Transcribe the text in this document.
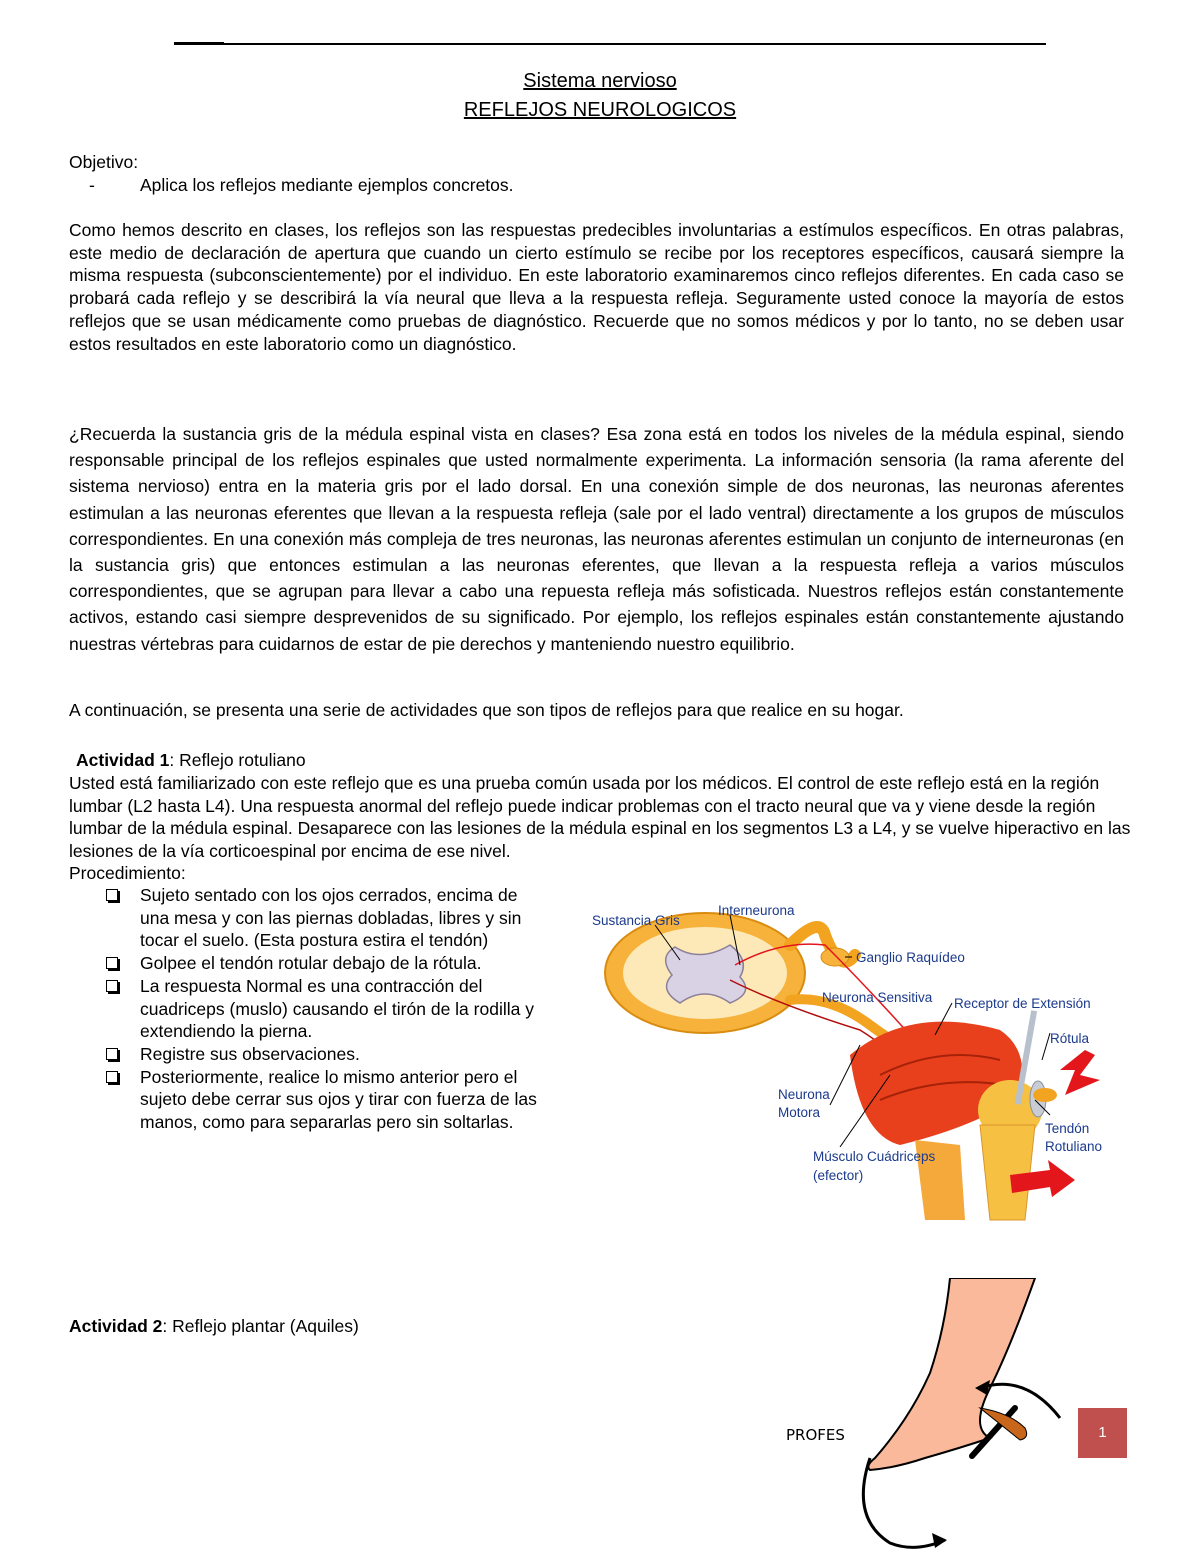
Sistema nervioso
REFLEJOS NEUROLOGICOS
Objetivo:
-	Aplica los reflejos mediante ejemplos concretos.
Como hemos descrito en clases, los reflejos son las respuestas predecibles involuntarias a estímulos específicos. En otras palabras, este medio de declaración de apertura que cuando un cierto estímulo se recibe por los receptores específicos, causará siempre la misma respuesta (subconscientemente) por el individuo. En este laboratorio examinaremos cinco reflejos diferentes. En cada caso se probará cada reflejo y se describirá la vía neural que lleva a la respuesta refleja. Seguramente usted conoce la mayoría de estos reflejos que se usan médicamente como pruebas de diagnóstico. Recuerde que no somos médicos y por lo tanto, no se deben usar estos resultados en este laboratorio como un diagnóstico.
¿Recuerda la sustancia gris de la médula espinal vista en clases? Esa zona está en todos los niveles de la médula espinal, siendo responsable principal de los reflejos espinales que usted normalmente experimenta. La información sensoria (la rama aferente del sistema nervioso) entra en la materia gris por el lado dorsal. En una conexión simple de dos neuronas, las neuronas aferentes estimulan a las neuronas eferentes que llevan a la respuesta refleja (sale por el lado ventral) directamente a los grupos de músculos correspondientes. En una conexión más compleja de tres neuronas, las neuronas aferentes estimulan un conjunto de interneuronas (en la sustancia gris) que entonces estimulan a las neuronas eferentes, que llevan a la respuesta refleja a varios músculos correspondientes, que se agrupan para llevar a cabo una repuesta refleja más sofisticada. Nuestros reflejos están constantemente activos, estando casi siempre desprevenidos de su significado. Por ejemplo, los reflejos espinales están constantemente ajustando nuestras vértebras para cuidarnos de estar de pie derechos y manteniendo nuestro equilibrio.
A continuación, se presenta una serie de actividades que son tipos de reflejos para que realice en su hogar.
Actividad 1: Reflejo rotuliano
Usted está familiarizado con este reflejo que es una prueba común usada por los médicos. El control de este reflejo está en la región lumbar (L2 hasta L4). Una respuesta anormal del reflejo puede indicar problemas con el tracto neural que va y viene desde la región lumbar de la médula espinal. Desaparece con las lesiones de la médula espinal en los segmentos L3 a L4, y se vuelve hiperactivo en las lesiones de la vía corticoespinal por encima de ese nivel.
Procedimiento:
Sujeto sentado con los ojos cerrados, encima de una mesa y con las piernas dobladas, libres y sin tocar el suelo. (Esta postura estira el tendón)
Golpee el tendón rotular debajo de la rótula.
La respuesta Normal es una contracción del cuadriceps (muslo) causando el tirón de la rodilla y extendiendo la pierna.
Registre sus observaciones.
Posteriormente, realice lo mismo anterior pero el sujeto debe cerrar sus ojos y tirar con fuerza de las manos, como para separarlas pero sin soltarlas.
Sustancia Gris
Interneurona
Ganglio Raquídeo
Neurona Sensitiva Receptor de Extensión
Rótula
Neurona
Motora
Músculo Cuádriceps
(efector)
Tendón
Rotuliano
Actividad 2: Reflejo plantar (Aquiles)
PROFES	1
